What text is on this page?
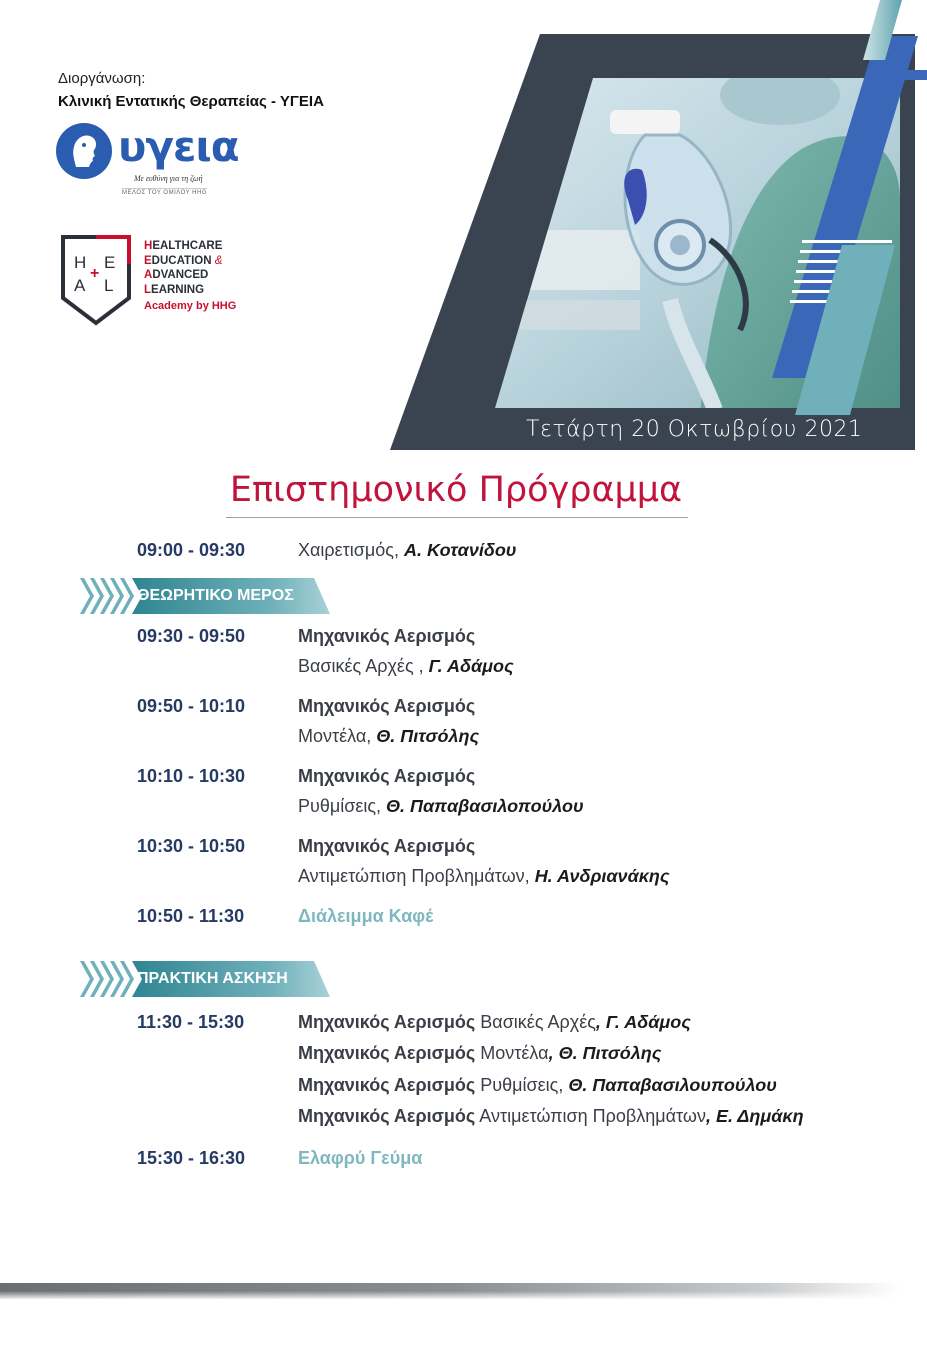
Διοργάνωση:
Κλινική Εντατικής Θεραπείας - ΥΓΕΙΑ
υγεια
Με ευθύνη για τη ζωή
ΜΕΛΟΣ ΤΟΥ ΟΜΙΛΟΥ HHG
H E
+
A L
HEALTHCARE
EDUCATION &
ADVANCED
LEARNING
Academy by HHG
Τετάρτη 20 Οκτωβρίου 2021
Επιστημονικό Πρόγραμμα
09:00 - 09:30	Χαιρετισμός, Α. Κοτανίδου
ΘΕΩΡΗΤΙΚΟ ΜΕΡΟΣ
09:30 - 09:50	Μηχανικός Αερισμός
Βασικές Αρχές , Γ. Αδάμος
09:50 - 10:10	Μηχανικός Αερισμός
Μοντέλα, Θ. Πιτσόλης
10:10 - 10:30	Μηχανικός Αερισμός
Ρυθμίσεις, Θ. Παπαβασιλοπούλου
10:30 - 10:50	Μηχανικός Αερισμός
Αντιμετώπιση Προβλημάτων, Η. Ανδριανάκης
10:50 - 11:30	Διάλειμμα Καφέ
ΠΡΑΚΤΙΚΗ ΑΣΚΗΣΗ
11:30 - 15:30	Μηχανικός Αερισμός Βασικές Αρχές, Γ. Αδάμος
Μηχανικός Αερισμός Μοντέλα, Θ. Πιτσόλης
Μηχανικός Αερισμός Ρυθμίσεις, Θ. Παπαβασιλουπούλου
Μηχανικός Αερισμός Αντιμετώπιση Προβλημάτων, Ε. Δημάκη
15:30 - 16:30	Ελαφρύ Γεύμα
